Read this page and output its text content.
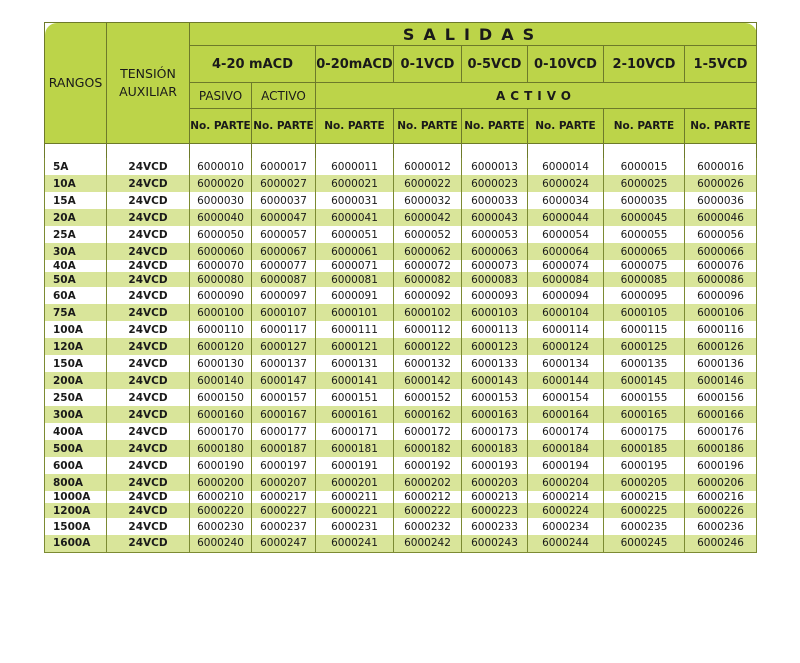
RANGOS	TENSIÓN AUXILIAR	SALIDAS							
		4-20 mACD		0-20mACD	0-1VCD	0-5VCD	0-10VCD	2-10VCD	1-5VCD
		PASIVO	ACTIVO	ACTIVO					
		No. PARTE	No. PARTE	No. PARTE	No. PARTE	No. PARTE	No. PARTE	No. PARTE	No. PARTE

5A	24VCD	6000010	6000017	6000011	6000012	6000013	6000014	6000015	6000016
10A	24VCD	6000020	6000027	6000021	6000022	6000023	6000024	6000025	6000026
15A	24VCD	6000030	6000037	6000031	6000032	6000033	6000034	6000035	6000036
20A	24VCD	6000040	6000047	6000041	6000042	6000043	6000044	6000045	6000046
25A	24VCD	6000050	6000057	6000051	6000052	6000053	6000054	6000055	6000056
30A	24VCD	6000060	6000067	6000061	6000062	6000063	6000064	6000065	6000066
40A	24VCD	6000070	6000077	6000071	6000072	6000073	6000074	6000075	6000076
50A	24VCD	6000080	6000087	6000081	6000082	6000083	6000084	6000085	6000086
60A	24VCD	6000090	6000097	6000091	6000092	6000093	6000094	6000095	6000096
75A	24VCD	6000100	6000107	6000101	6000102	6000103	6000104	6000105	6000106
100A	24VCD	6000110	6000117	6000111	6000112	6000113	6000114	6000115	6000116
120A	24VCD	6000120	6000127	6000121	6000122	6000123	6000124	6000125	6000126
150A	24VCD	6000130	6000137	6000131	6000132	6000133	6000134	6000135	6000136
200A	24VCD	6000140	6000147	6000141	6000142	6000143	6000144	6000145	6000146
250A	24VCD	6000150	6000157	6000151	6000152	6000153	6000154	6000155	6000156
300A	24VCD	6000160	6000167	6000161	6000162	6000163	6000164	6000165	6000166
400A	24VCD	6000170	6000177	6000171	6000172	6000173	6000174	6000175	6000176
500A	24VCD	6000180	6000187	6000181	6000182	6000183	6000184	6000185	6000186
600A	24VCD	6000190	6000197	6000191	6000192	6000193	6000194	6000195	6000196
800A	24VCD	6000200	6000207	6000201	6000202	6000203	6000204	6000205	6000206
1000A	24VCD	6000210	6000217	6000211	6000212	6000213	6000214	6000215	6000216
1200A	24VCD	6000220	6000227	6000221	6000222	6000223	6000224	6000225	6000226
1500A	24VCD	6000230	6000237	6000231	6000232	6000233	6000234	6000235	6000236
1600A	24VCD	6000240	6000247	6000241	6000242	6000243	6000244	6000245	6000246
